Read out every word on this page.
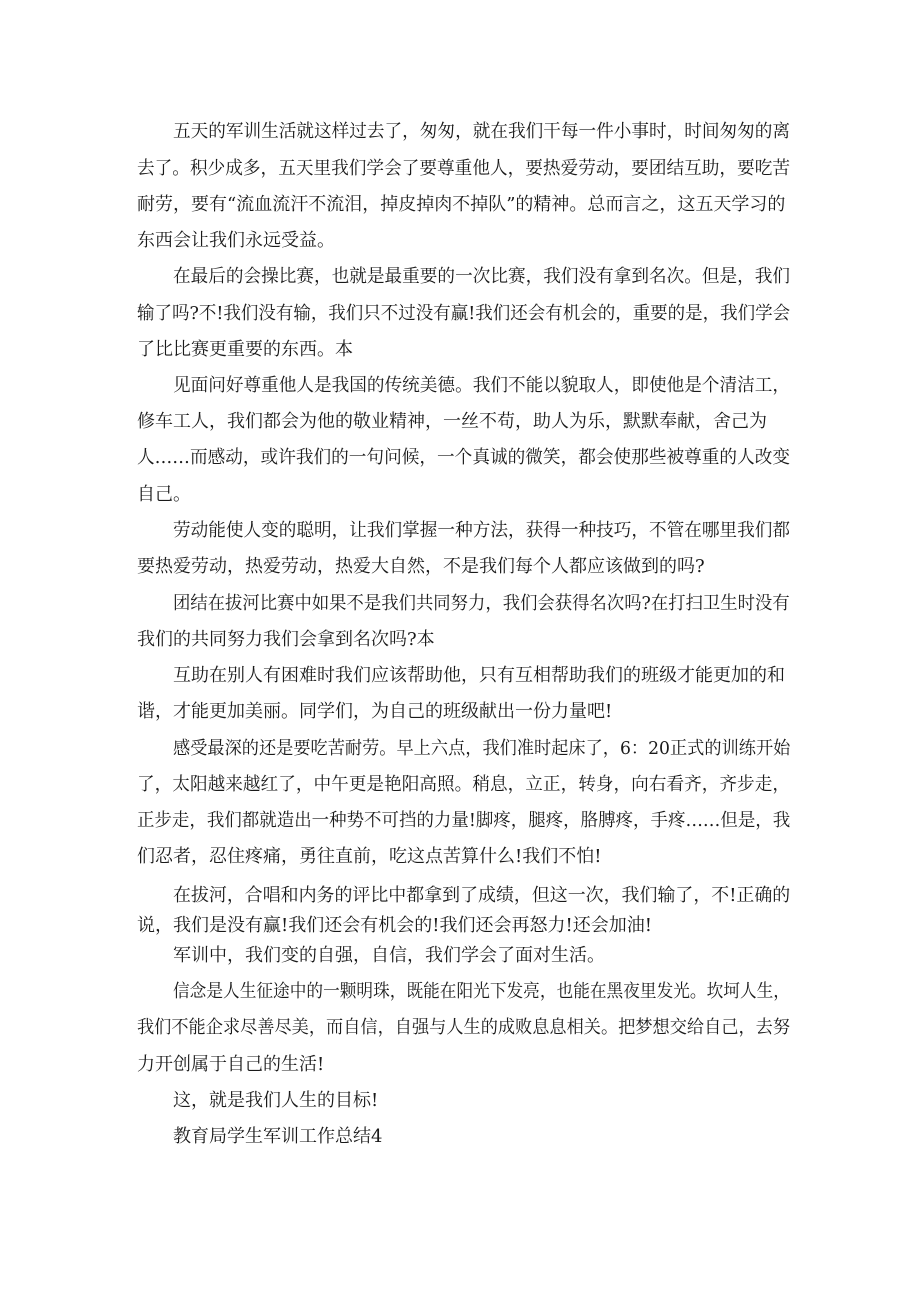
五天的军训生活就这样过去了，匆匆，就在我们干每一件小事时，时间匆匆的离
去了。积少成多，五天里我们学会了要尊重他人，要热爱劳动，要团结互助，要吃苦
耐劳，要有“流血流汗不流泪，掉皮掉肉不掉队”的精神。总而言之，这五天学习的
东西会让我们永远受益。
在最后的会操比赛，也就是最重要的一次比赛，我们没有拿到名次。但是，我们
输了吗?不!我们没有输，我们只不过没有赢!我们还会有机会的，重要的是，我们学会
了比比赛更重要的东西。本
见面问好尊重他人是我国的传统美德。我们不能以貌取人，即使他是个清洁工，
修车工人，我们都会为他的敬业精神，一丝不苟，助人为乐，默默奉献，舍己为
人……而感动，或许我们的一句问候，一个真诚的微笑，都会使那些被尊重的人改变
自己。
劳动能使人变的聪明，让我们掌握一种方法，获得一种技巧，不管在哪里我们都
要热爱劳动，热爱劳动，热爱大自然，不是我们每个人都应该做到的吗?
团结在拔河比赛中如果不是我们共同努力，我们会获得名次吗?在打扫卫生时没有
我们的共同努力我们会拿到名次吗?本
互助在别人有困难时我们应该帮助他，只有互相帮助我们的班级才能更加的和
谐，才能更加美丽。同学们，为自己的班级献出一份力量吧!
感受最深的还是要吃苦耐劳。早上六点，我们准时起床了，6：20正式的训练开始
了，太阳越来越红了，中午更是艳阳高照。稍息，立正，转身，向右看齐，齐步走，
正步走，我们都就造出一种势不可挡的力量!脚疼，腿疼，胳膊疼，手疼……但是，我
们忍者，忍住疼痛，勇往直前，吃这点苦算什么!我们不怕!
在拔河，合唱和内务的评比中都拿到了成绩，但这一次，我们输了，不!正确的
说，我们是没有赢!我们还会有机会的!我们还会再怒力!还会加油!
军训中，我们变的自强，自信，我们学会了面对生活。
信念是人生征途中的一颗明珠，既能在阳光下发亮，也能在黑夜里发光。坎坷人生，
我们不能企求尽善尽美，而自信，自强与人生的成败息息相关。把梦想交给自己，去努
力开创属于自己的生活!
这，就是我们人生的目标!
教育局学生军训工作总结4
